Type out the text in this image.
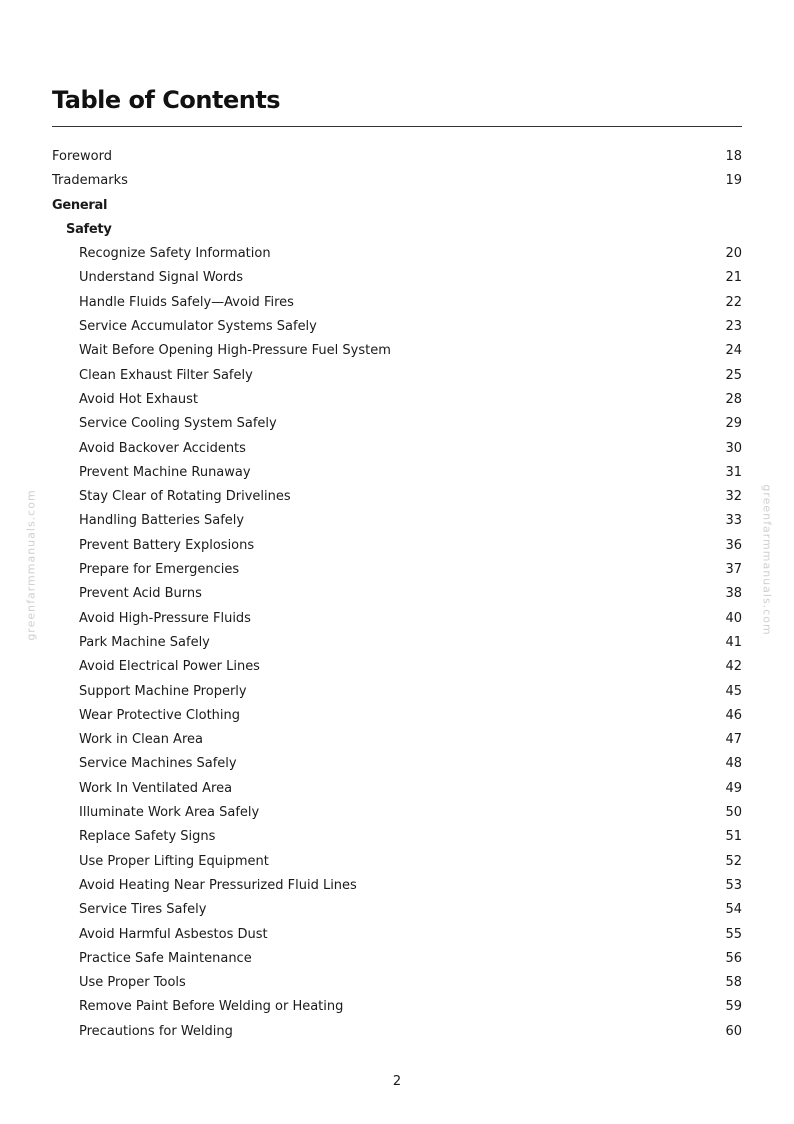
Table of Contents
Foreword	18
Trademarks	19
General
Safety
Recognize Safety Information	20
Understand Signal Words	21
Handle Fluids Safely—Avoid Fires	22
Service Accumulator Systems Safely	23
Wait Before Opening High-Pressure Fuel System	24
Clean Exhaust Filter Safely	25
Avoid Hot Exhaust	28
Service Cooling System Safely	29
Avoid Backover Accidents	30
Prevent Machine Runaway	31
Stay Clear of Rotating Drivelines	32
Handling Batteries Safely	33
Prevent Battery Explosions	36
Prepare for Emergencies	37
Prevent Acid Burns	38
Avoid High-Pressure Fluids	40
Park Machine Safely	41
Avoid Electrical Power Lines	42
Support Machine Properly	45
Wear Protective Clothing	46
Work in Clean Area	47
Service Machines Safely	48
Work In Ventilated Area	49
Illuminate Work Area Safely	50
Replace Safety Signs	51
Use Proper Lifting Equipment	52
Avoid Heating Near Pressurized Fluid Lines	53
Service Tires Safely	54
Avoid Harmful Asbestos Dust	55
Practice Safe Maintenance	56
Use Proper Tools	58
Remove Paint Before Welding or Heating	59
Precautions for Welding	60
greenfarmmanuals.com	greenfarmmanuals.com
2
